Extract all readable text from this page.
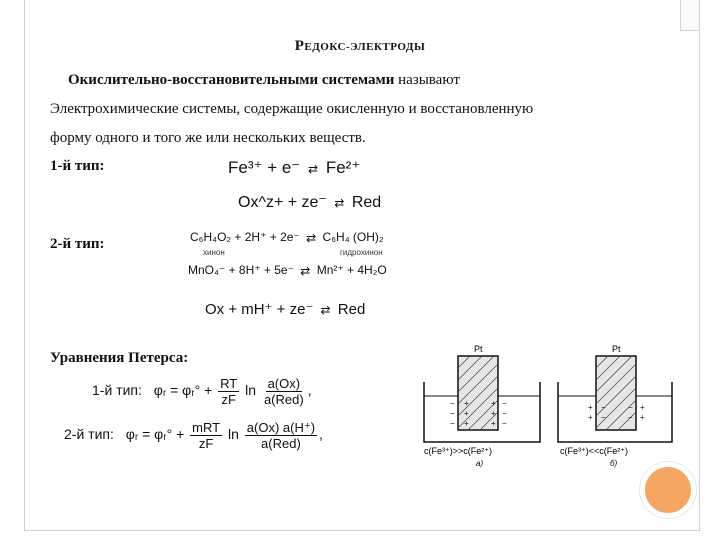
РЕДОКС-ЭЛЕКТРОДЫ
Окислительно-восстановительными системами называют
Электрохимические системы, содержащие окисленную и восстановленную
форму одного и того же или нескольких веществ.
1-й тип:	Fe³⁺ + e⁻ ⇄ Fe²⁺
Ox^z+ + ze⁻ ⇄ Red
2-й тип:	C₆H₄O₂ + 2H⁺ + 2e⁻ ⇄ C₆H₄ (OH)₂
хинон	гидрохинон
MnO₄⁻ + 8H⁺ + 5e⁻ ⇄ Mn²⁺ + 4H₂O
Ox + mH⁺ + ze⁻ ⇄ Red
Уравнения Петерса:
1-й тип: φᵣ = φᵣ° + $\frac{RT}{zF}$ $\ln \frac{a(Ox)}{\text{a(Red)}}$ ,
2-й тип: φᵣ = φᵣ° + $\frac{\text{mRT}}{zF}$ $\ln \frac{a(Ox) a(H^+)}{\text{a(Red)}}$ ,
−
−
−
+
+
+
+
+
+
−
−
−
Pt
c(Fe³⁺)>>c(Fe²⁺)
а)
+
+
−
−
−
−
+
+
Pt
c(Fe³⁺)<<c(Fe²⁺)
б)
